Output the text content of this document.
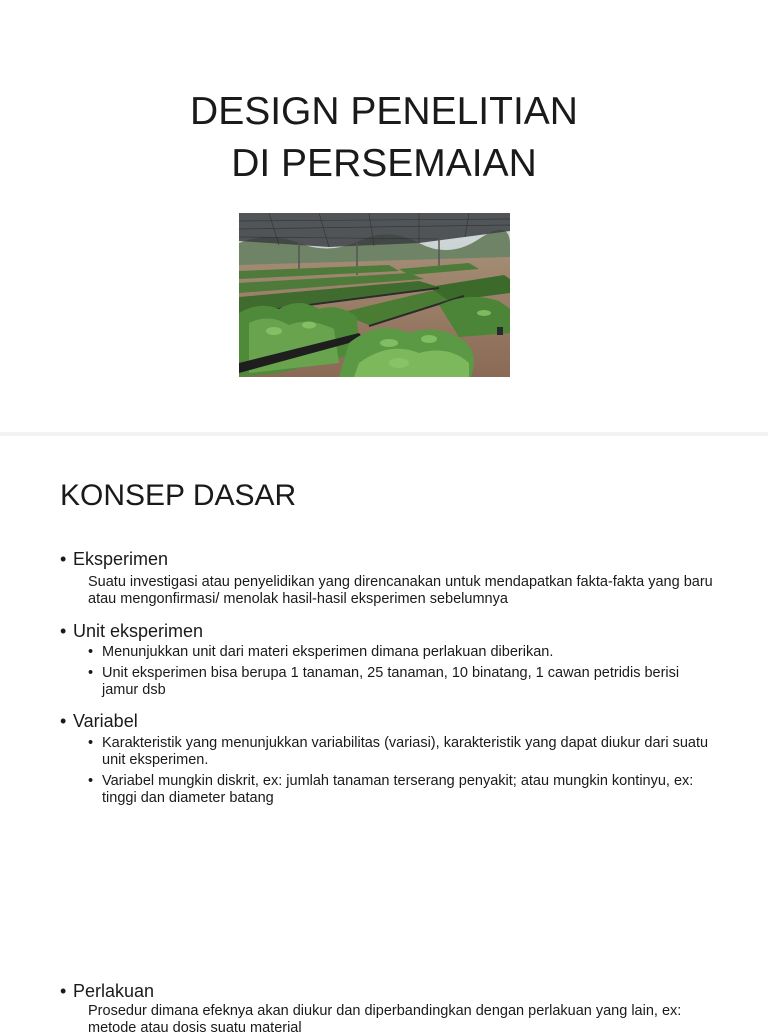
DESIGN PENELITIAN
DI PERSEMAIAN
KONSEP DASAR
• Eksperimen
Suatu investigasi atau penyelidikan yang direncanakan untuk mendapatkan fakta-fakta yang baru atau mengonfirmasi/ menolak hasil-hasil eksperimen sebelumnya
• Unit eksperimen
• Menunjukkan unit dari materi eksperimen dimana perlakuan diberikan.
• Unit eksperimen bisa berupa 1 tanaman, 25 tanaman, 10 binatang, 1 cawan petridis berisi jamur dsb
• Variabel
• Karakteristik yang menunjukkan variabilitas (variasi), karakteristik yang dapat diukur dari suatu unit eksperimen.
• Variabel mungkin diskrit, ex: jumlah tanaman terserang penyakit; atau mungkin kontinyu, ex: tinggi dan diameter batang
• Perlakuan
Prosedur dimana efeknya akan diukur dan diperbandingkan dengan perlakuan yang lain, ex: metode atau dosis suatu material
